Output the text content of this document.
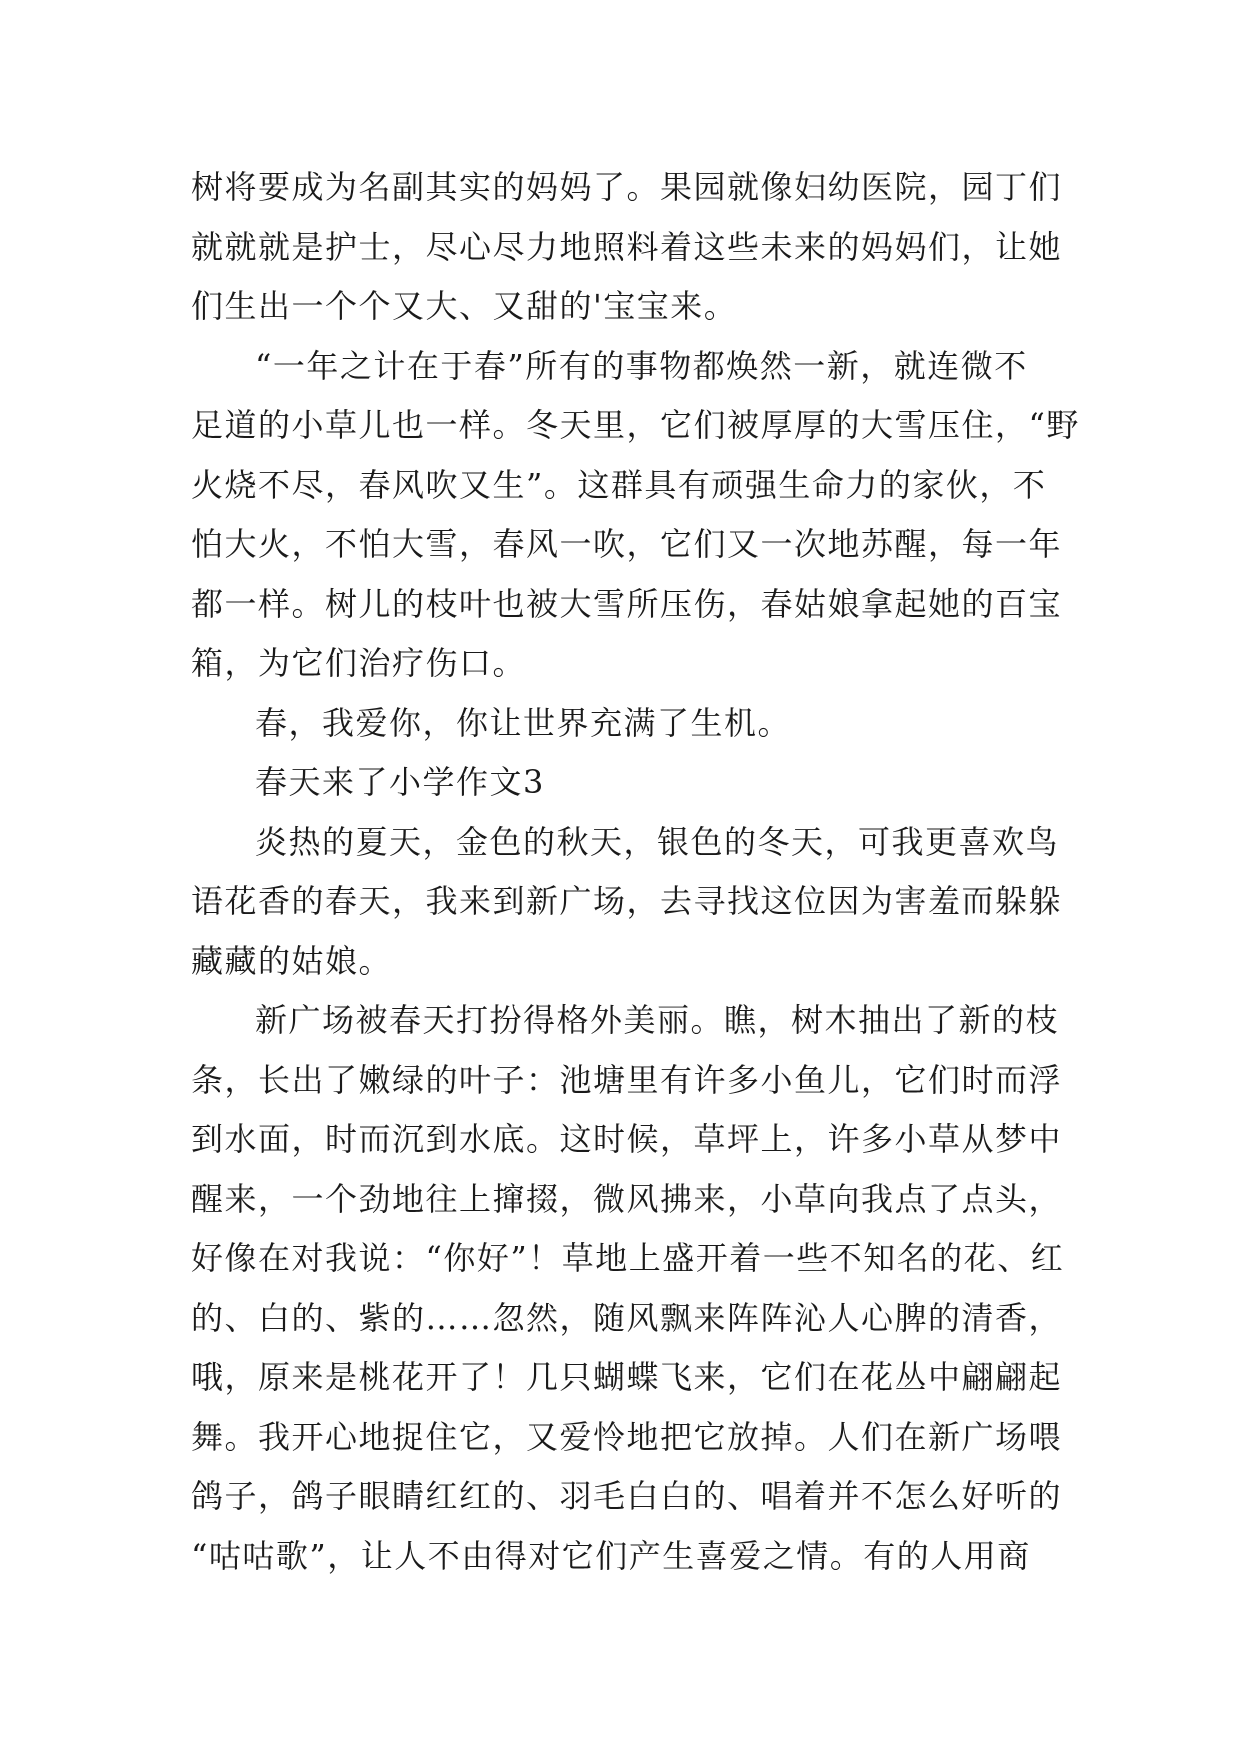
树将要成为名副其实的妈妈了。果园就像妇幼医院，园丁们
就就就是护士，尽心尽力地照料着这些未来的妈妈们，让她
们生出一个个又大、又甜的'宝宝来。
“一年之计在于春”所有的事物都焕然一新，就连微不
足道的小草儿也一样。冬天里，它们被厚厚的大雪压住，“野
火烧不尽，春风吹又生”。这群具有顽强生命力的家伙，不
怕大火，不怕大雪，春风一吹，它们又一次地苏醒，每一年
都一样。树儿的枝叶也被大雪所压伤，春姑娘拿起她的百宝
箱，为它们治疗伤口。
春，我爱你，你让世界充满了生机。
春天来了小学作文3
炎热的夏天，金色的秋天，银色的冬天，可我更喜欢鸟
语花香的春天，我来到新广场，去寻找这位因为害羞而躲躲
藏藏的姑娘。
新广场被春天打扮得格外美丽。瞧，树木抽出了新的枝
条，长出了嫩绿的叶子：池塘里有许多小鱼儿，它们时而浮
到水面，时而沉到水底。这时候，草坪上，许多小草从梦中
醒来，一个劲地往上撺掇，微风拂来，小草向我点了点头，
好像在对我说：“你好”！草地上盛开着一些不知名的花、红
的、白的、紫的……忽然，随风飘来阵阵沁人心脾的清香，
哦，原来是桃花开了！几只蝴蝶飞来，它们在花丛中翩翩起
舞。我开心地捉住它，又爱怜地把它放掉。人们在新广场喂
鸽子，鸽子眼睛红红的、羽毛白白的、唱着并不怎么好听的
“咕咕歌”，让人不由得对它们产生喜爱之情。有的人用商
